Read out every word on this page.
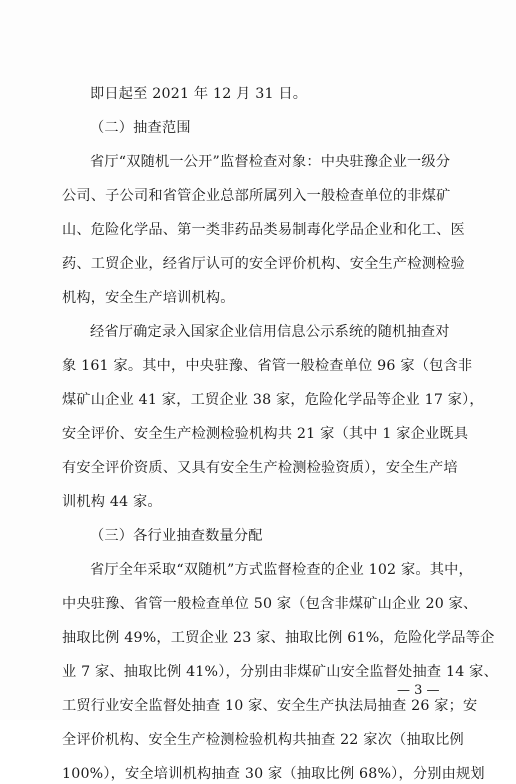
即日起至 2021 年 12 月 31 日。
（二）抽查范围
省厅“双随机一公开”监督检查对象：中央驻豫企业一级分
公司、子公司和省管企业总部所属列入一般检查单位的非煤矿
山、危险化学品、第一类非药品类易制毒化学品企业和化工、医
药、工贸企业，经省厅认可的安全评价机构、安全生产检测检验
机构，安全生产培训机构。
经省厅确定录入国家企业信用信息公示系统的随机抽查对
象 161 家。其中，中央驻豫、省管一般检查单位 96 家（包含非
煤矿山企业 41 家，工贸企业 38 家，危险化学品等企业 17 家），
安全评价、安全生产检测检验机构共 21 家（其中 1 家企业既具
有安全评价资质、又具有安全生产检测检验资质），安全生产培
训机构 44 家。
（三）各行业抽查数量分配
省厅全年采取“双随机”方式监督检查的企业 102 家。其中，
中央驻豫、省管一般检查单位 50 家（包含非煤矿山企业 20 家、
抽取比例 49%，工贸企业 23 家、抽取比例 61%，危险化学品等企
业 7 家、抽取比例 41%），分别由非煤矿山安全监督处抽查 14 家、
工贸行业安全监督处抽查 10 家、安全生产执法局抽查 26 家；安
全评价机构、安全生产检测检验机构共抽查 22 家次（抽取比例
100%），安全培训机构抽查 30 家（抽取比例 68%），分别由规划
— 3 —
